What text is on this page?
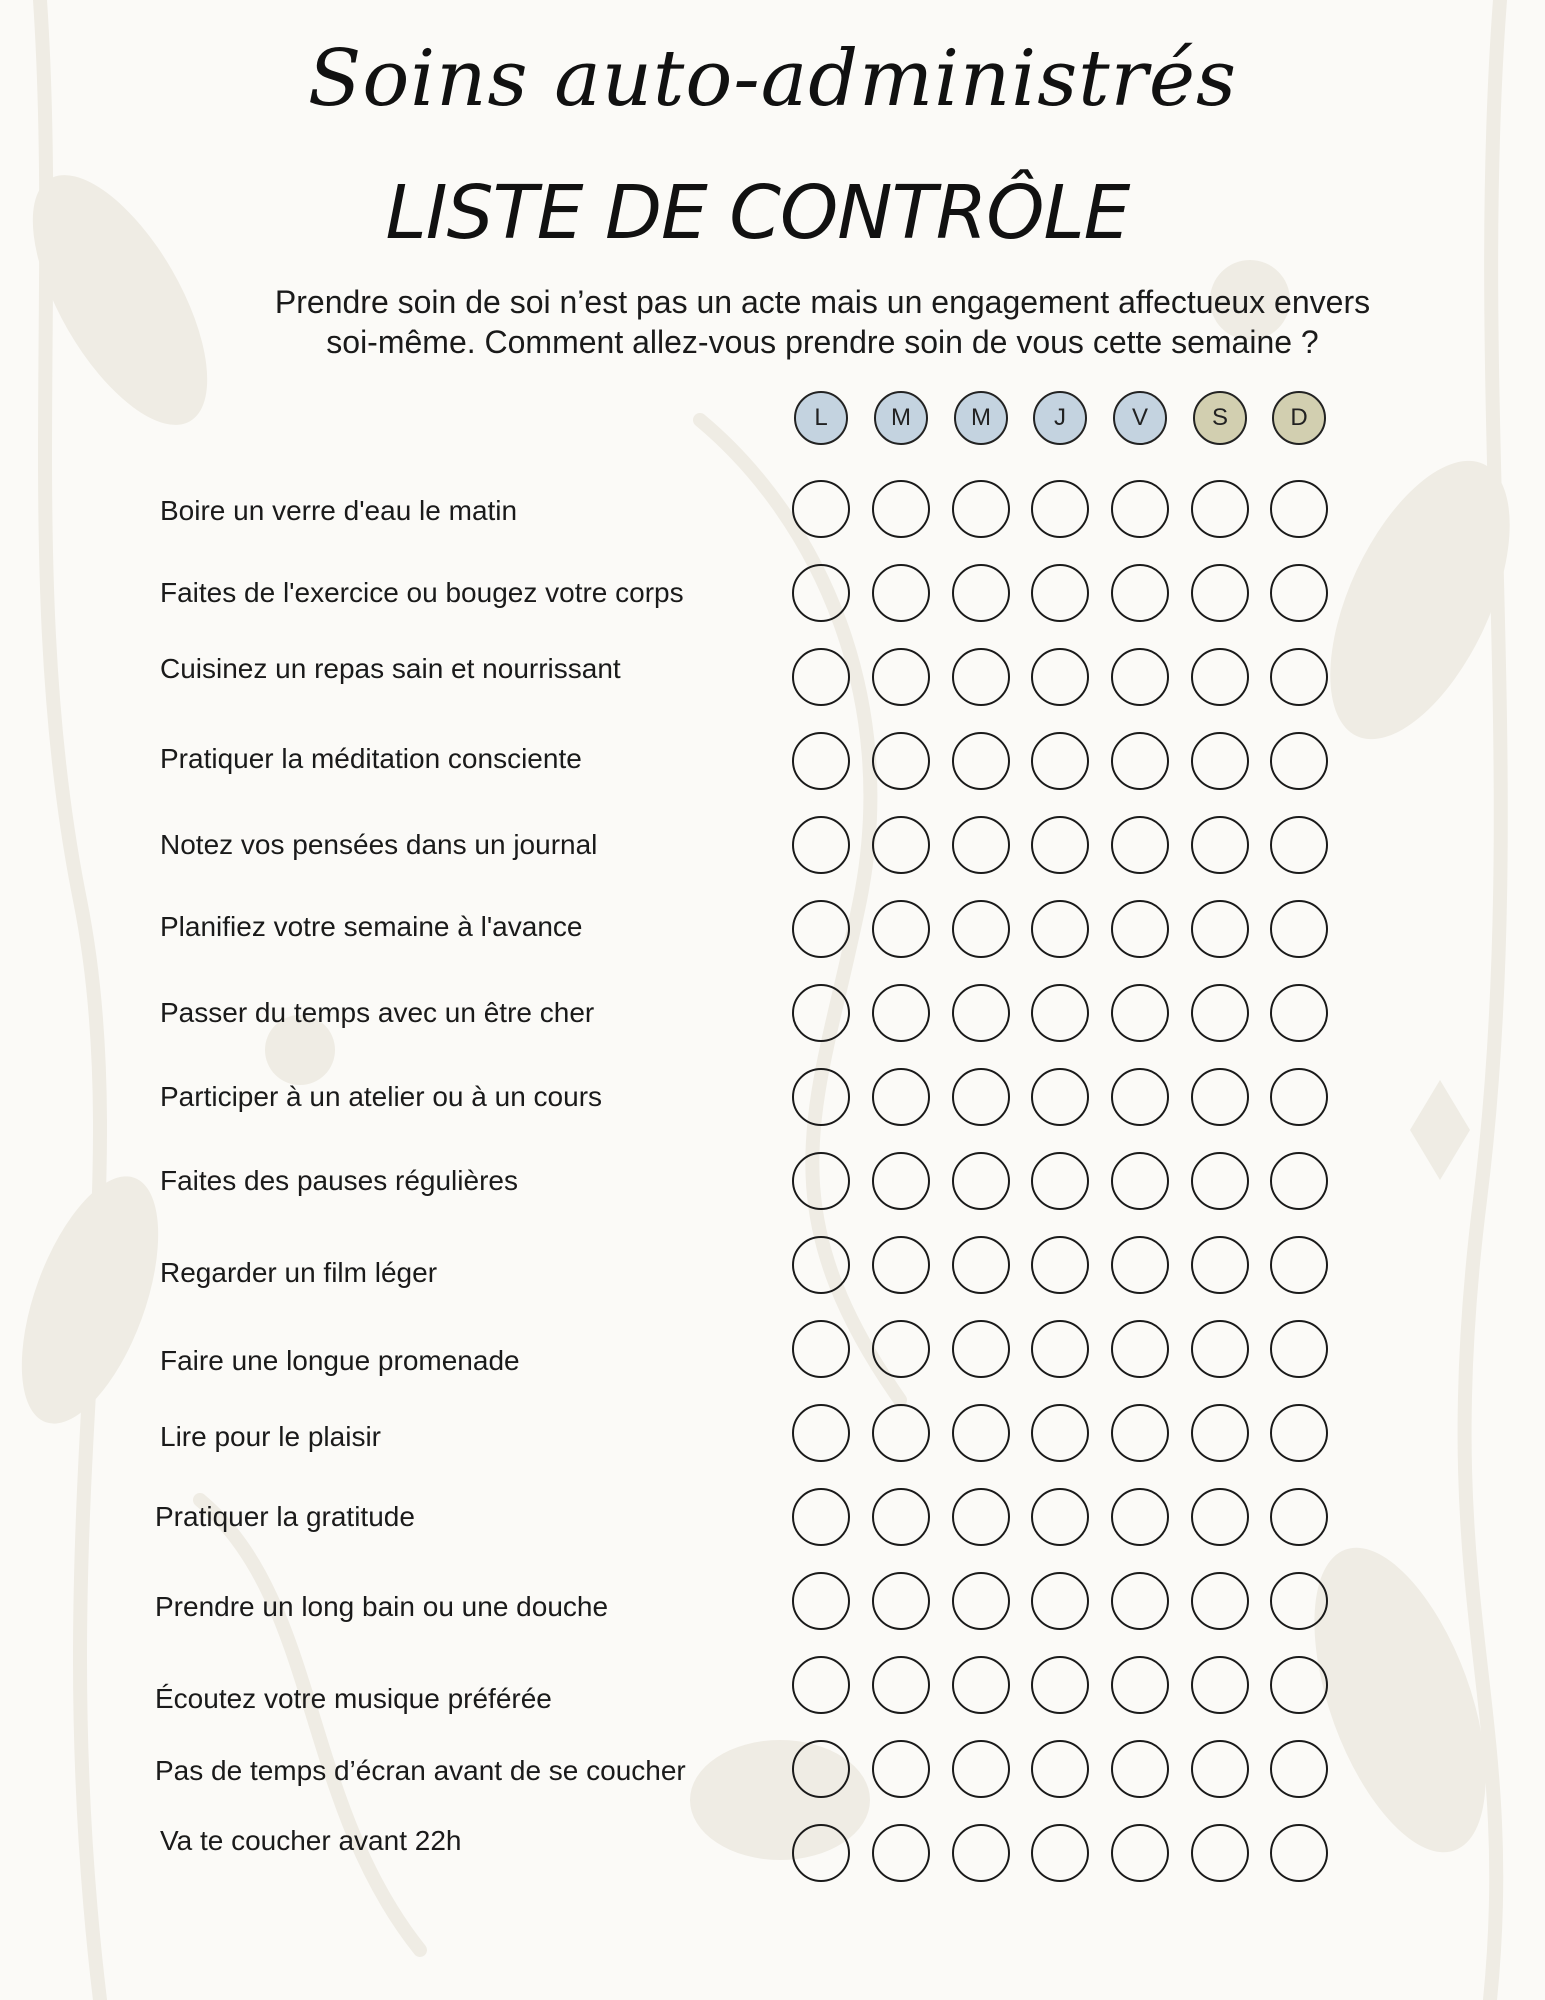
Soins auto-administrés
LISTE DE CONTRÔLE
Prendre soin de soi n’est pas un acte mais un engagement affectueux envers
soi-même. Comment allez-vous prendre soin de vous cette semaine ?
L	M	M	J	V	S	D
Boire un verre d'eau le matin
Faites de l'exercice ou bougez votre corps
Cuisinez un repas sain et nourrissant
Pratiquer la méditation consciente
Notez vos pensées dans un journal
Planifiez votre semaine à l'avance
Passer du temps avec un être cher
Participer à un atelier ou à un cours
Faites des pauses régulières
Regarder un film léger
Faire une longue promenade
Lire pour le plaisir
Pratiquer la gratitude
Prendre un long bain ou une douche
Écoutez votre musique préférée
Pas de temps d’écran avant de se coucher
Va te coucher avant 22h
